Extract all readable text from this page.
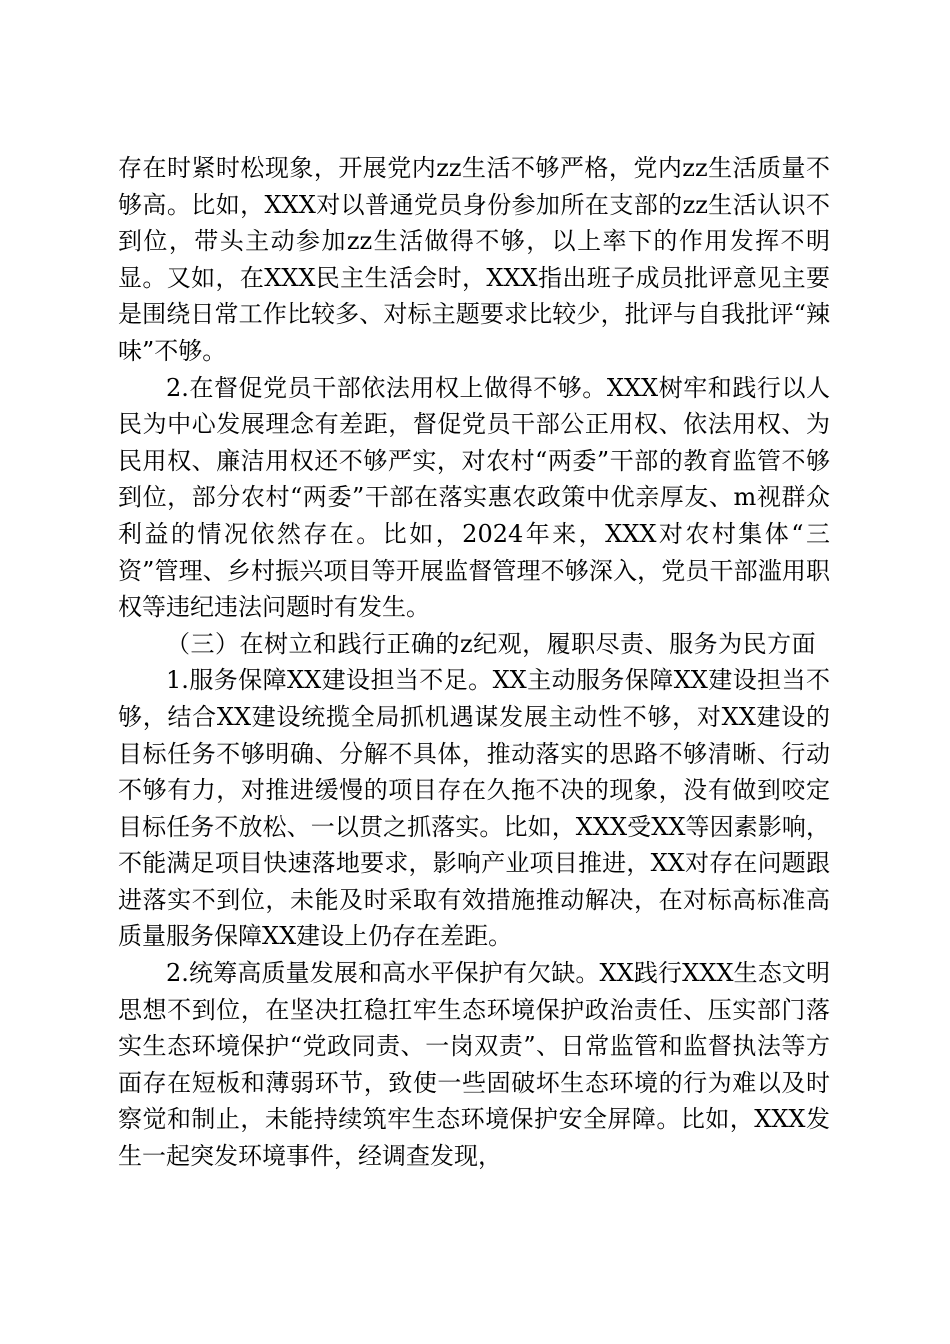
存在时紧时松现象，开展党内zz生活不够严格，党内zz生活质量不够高。比如，XXX对以普通党员身份参加所在支部的zz生活认识不到位，带头主动参加zz生活做得不够，以上率下的作用发挥不明显。又如，在XXX民主生活会时，XXX指出班子成员批评意见主要是围绕日常工作比较多、对标主题要求比较少，批评与自我批评“辣味”不够。

2.在督促党员干部依法用权上做得不够。XXX树牢和践行以人民为中心发展理念有差距，督促党员干部公正用权、依法用权、为民用权、廉洁用权还不够严实，对农村“两委”干部的教育监管不够到位，部分农村“两委”干部在落实惠农政策中优亲厚友、m视群众利益的情况依然存在。比如，2024年来，XXX对农村集体“三资”管理、乡村振兴项目等开展监督管理不够深入，党员干部滥用职权等违纪违法问题时有发生。

（三）在树立和践行正确的z纪观，履职尽责、服务为民方面

1.服务保障XX建设担当不足。XX主动服务保障XX建设担当不够，结合XX建设统揽全局抓机遇谋发展主动性不够，对XX建设的目标任务不够明确、分解不具体，推动落实的思路不够清晰、行动不够有力，对推进缓慢的项目存在久拖不决的现象，没有做到咬定目标任务不放松、一以贯之抓落实。比如，XXX受XX等因素影响，不能满足项目快速落地要求，影响产业项目推进，XX对存在问题跟进落实不到位，未能及时采取有效措施推动解决，在对标高标准高质量服务保障XX建设上仍存在差距。

2.统筹高质量发展和高水平保护有欠缺。XX践行XXX生态文明思想不到位，在坚决扛稳扛牢生态环境保护政治责任、压实部门落实生态环境保护“党政同责、一岗双责”、日常监管和监督执法等方面存在短板和薄弱环节，致使一些固破坏生态环境的行为难以及时察觉和制止，未能持续筑牢生态环境保护安全屏障。比如，XXX发生一起突发环境事件，经调查发现，
